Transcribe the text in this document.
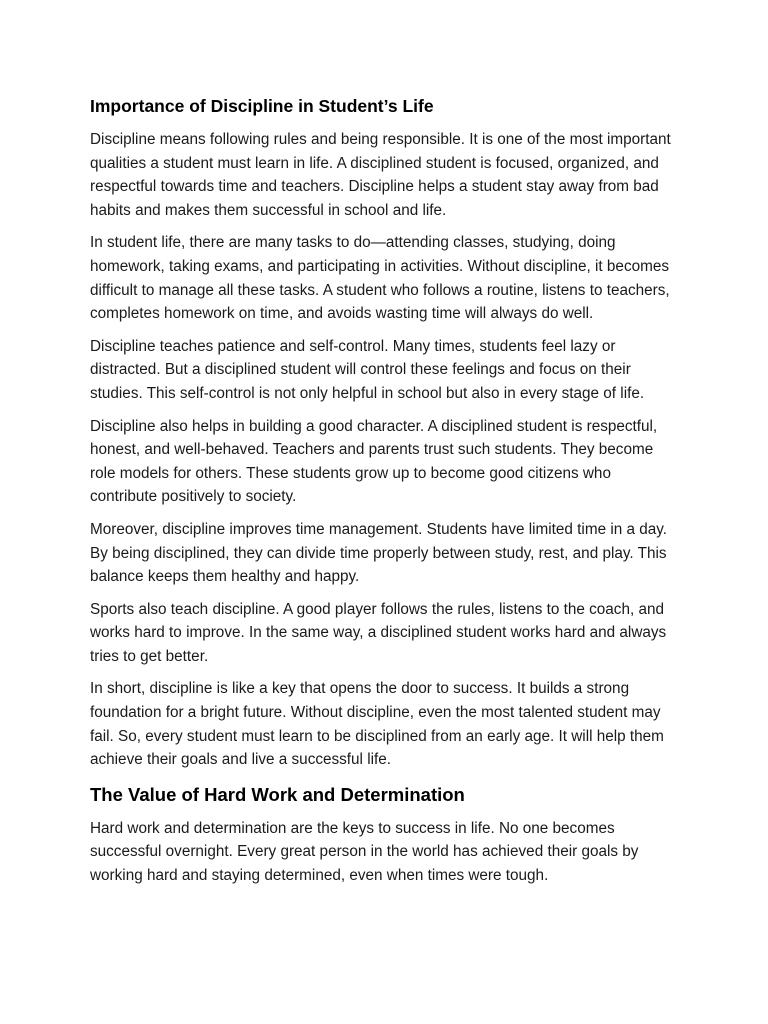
Importance of Discipline in Student’s Life

Discipline means following rules and being responsible. It is one of the most important qualities a student must learn in life. A disciplined student is focused, organized, and respectful towards time and teachers. Discipline helps a student stay away from bad habits and makes them successful in school and life.

In student life, there are many tasks to do—attending classes, studying, doing homework, taking exams, and participating in activities. Without discipline, it becomes difficult to manage all these tasks. A student who follows a routine, listens to teachers, completes homework on time, and avoids wasting time will always do well.

Discipline teaches patience and self-control. Many times, students feel lazy or distracted. But a disciplined student will control these feelings and focus on their studies. This self-control is not only helpful in school but also in every stage of life.

Discipline also helps in building a good character. A disciplined student is respectful, honest, and well-behaved. Teachers and parents trust such students. They become role models for others. These students grow up to become good citizens who contribute positively to society.

Moreover, discipline improves time management. Students have limited time in a day. By being disciplined, they can divide time properly between study, rest, and play. This balance keeps them healthy and happy.

Sports also teach discipline. A good player follows the rules, listens to the coach, and works hard to improve. In the same way, a disciplined student works hard and always tries to get better.

In short, discipline is like a key that opens the door to success. It builds a strong foundation for a bright future. Without discipline, even the most talented student may fail. So, every student must learn to be disciplined from an early age. It will help them achieve their goals and live a successful life.

The Value of Hard Work and Determination

Hard work and determination are the keys to success in life. No one becomes successful overnight. Every great person in the world has achieved their goals by working hard and staying determined, even when times were tough.
